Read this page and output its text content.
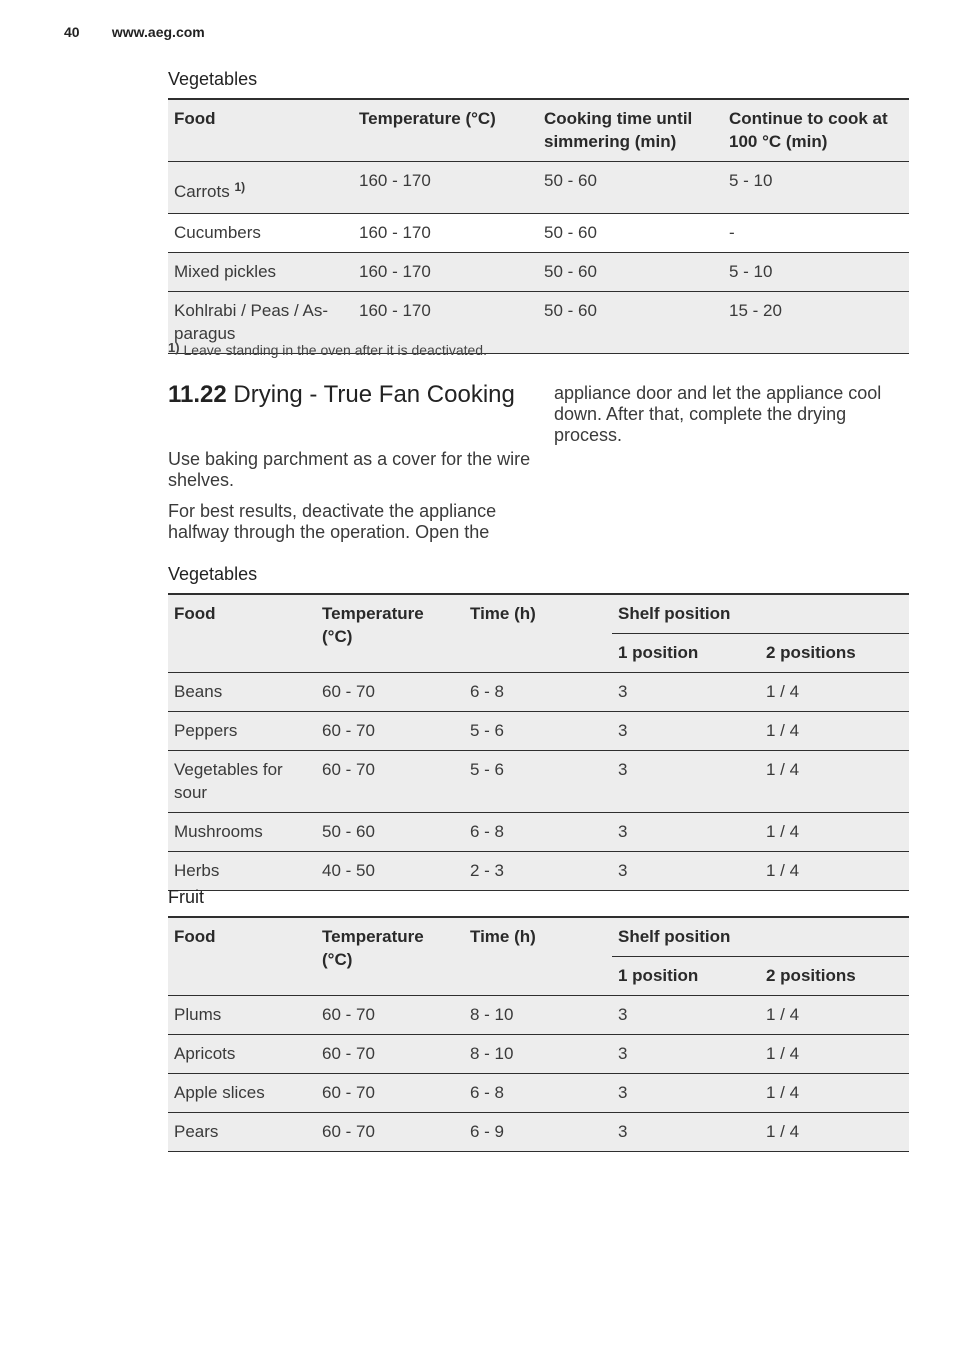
40 www.aeg.com
Vegetables
Food	Temperature (°C)	Cooking time until simmering (min)	Continue to cook at 100 °C (min)
Carrots $^{1)}$	160 - 170	50 - 60	5 - 10
Cucumbers	160 - 170	50 - 60	-
Mixed pickles	160 - 170	50 - 60	5 - 10
Kohlrabi / Peas / As-paragus	160 - 170	50 - 60	15 - 20
1) Leave standing in the oven after it is deactivated.
11.22 Drying - True Fan Cooking
Use baking parchment as a cover for the wire shelves.
For best results, deactivate the appliance halfway through the operation. Open the
appliance door and let the appliance cool down. After that, complete the drying process.
Vegetables
Food	Temperature (°C)	Time (h)	Shelf position	
			1 position	2 positions
Beans	60 - 70	6 - 8	3	1 / 4
Peppers	60 - 70	5 - 6	3	1 / 4
Vegetables for sour	60 - 70	5 - 6	3	1 / 4
Mushrooms	50 - 60	6 - 8	3	1 / 4
Herbs	40 - 50	2 - 3	3	1 / 4
Fruit
Food	Temperature (°C)	Time (h)	Shelf position	
			1 position	2 positions
Plums	60 - 70	8 - 10	3	1 / 4
Apricots	60 - 70	8 - 10	3	1 / 4
Apple slices	60 - 70	6 - 8	3	1 / 4
Pears	60 - 70	6 - 9	3	1 / 4
